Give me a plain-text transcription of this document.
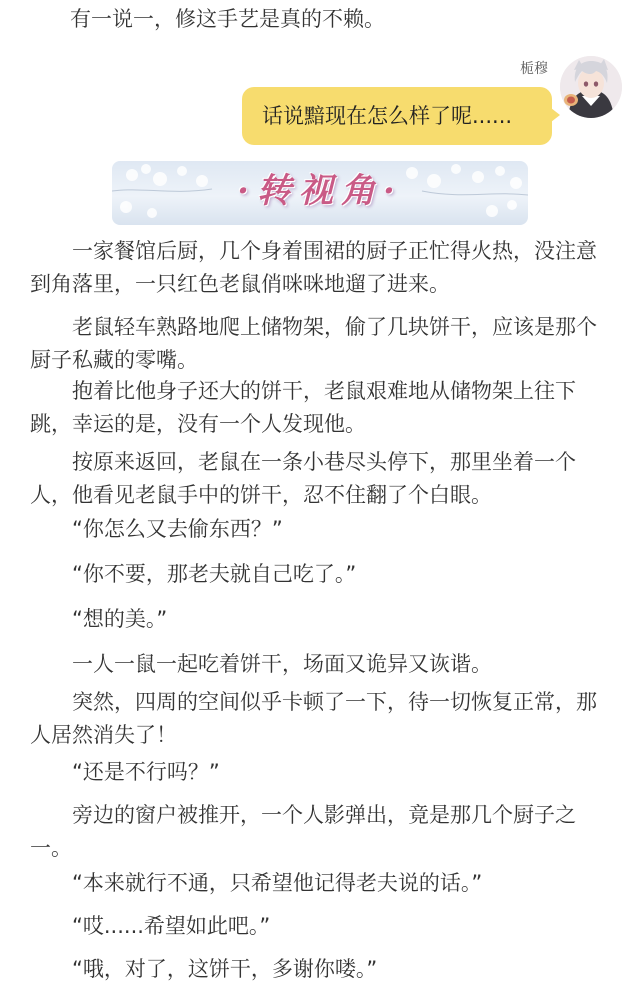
有一说一，修这手艺是真的不赖。
栀穆
话说黯现在怎么样了呢......
·转视角·

一家餐馆后厨，几个身着围裙的厨子正忙得火热，没注意到角落里，一只红色老鼠俏咪咪地遛了进来。

老鼠轻车熟路地爬上储物架，偷了几块饼干，应该是那个厨子私藏的零嘴。

抱着比他身子还大的饼干，老鼠艰难地从储物架上往下跳，幸运的是，没有一个人发现他。

按原来返回，老鼠在一条小巷尽头停下，那里坐着一个人，他看见老鼠手中的饼干，忍不住翻了个白眼。

“你怎么又去偷东西？”

“你不要，那老夫就自己吃了。”

“想的美。”

一人一鼠一起吃着饼干，场面又诡异又诙谐。

突然，四周的空间似乎卡顿了一下，待一切恢复正常，那人居然消失了！

“还是不行吗？”

旁边的窗户被推开，一个人影弹出，竟是那几个厨子之一。

“本来就行不通，只希望他记得老夫说的话。”

“哎......希望如此吧。”

“哦，对了，这饼干，多谢你喽。”
